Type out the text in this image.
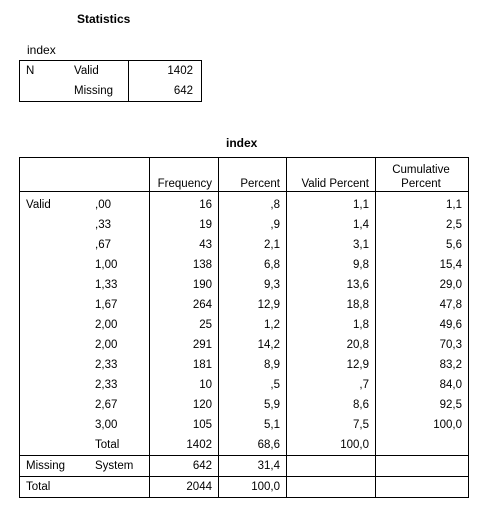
Statistics
index
N	Valid	1402
	Missing	642
index
		Frequency	Percent	Valid Percent	Cumulative
Percent
Valid	,00	16	,8	1,1	1,1
	,33	19	,9	1,4	2,5
	,67	43	2,1	3,1	5,6
	1,00	138	6,8	9,8	15,4
	1,33	190	9,3	13,6	29,0
	1,67	264	12,9	18,8	47,8
	2,00	25	1,2	1,8	49,6
	2,00	291	14,2	20,8	70,3
	2,33	181	8,9	12,9	83,2
	2,33	10	,5	,7	84,0
	2,67	120	5,9	8,6	92,5
	3,00	105	5,1	7,5	100,0
	Total	1402	68,6	100,0	
Missing	System	642	31,4		
Total		2044	100,0		
